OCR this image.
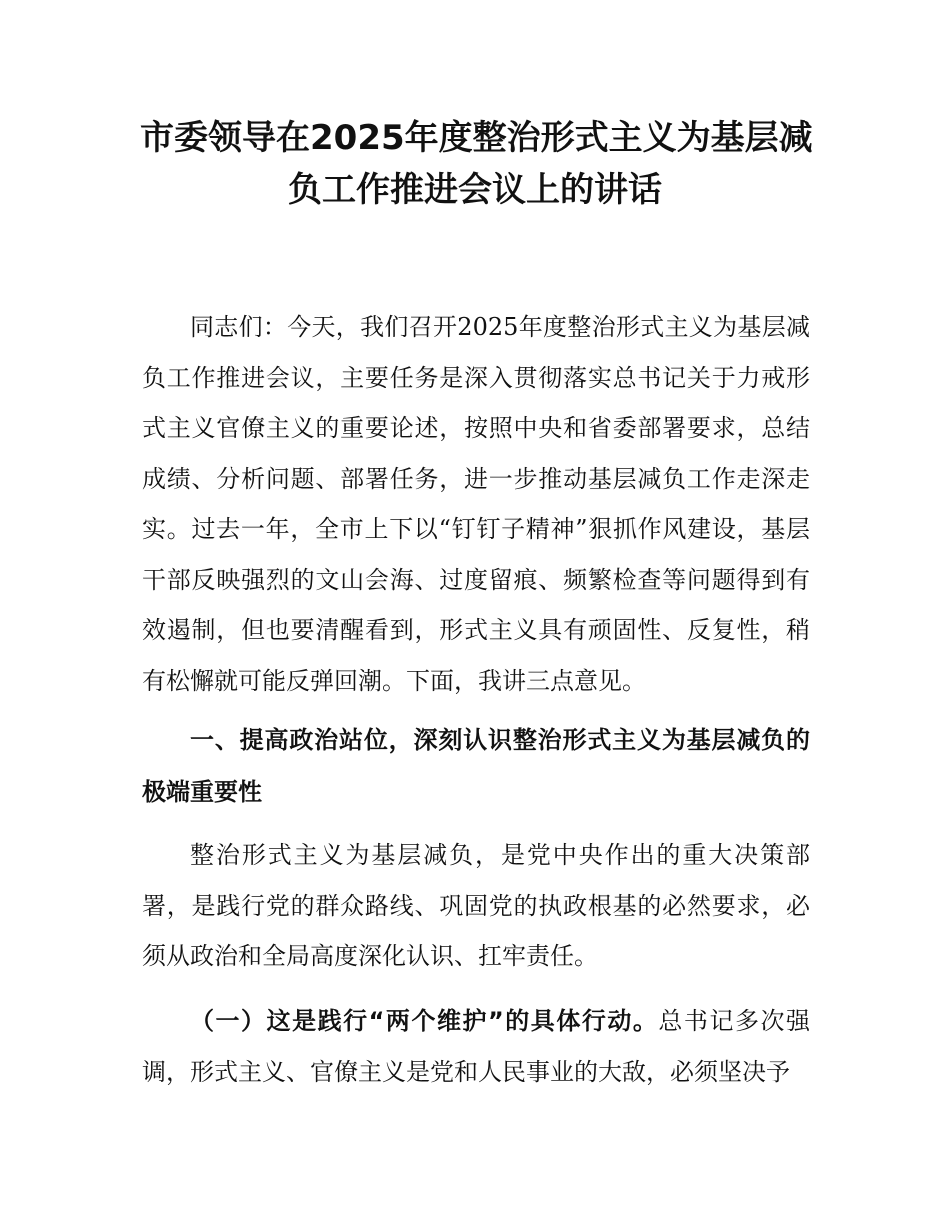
市委领导在2025年度整治形式主义为基层减
负工作推进会议上的讲话

同志们：今天，我们召开2025年度整治形式主义为基层减负工作推进会议，主要任务是深入贯彻落实总书记关于力戒形式主义官僚主义的重要论述，按照中央和省委部署要求，总结成绩、分析问题、部署任务，进一步推动基层减负工作走深走实。过去一年，全市上下以“钉钉子精神”狠抓作风建设，基层干部反映强烈的文山会海、过度留痕、频繁检查等问题得到有效遏制，但也要清醒看到，形式主义具有顽固性、反复性，稍有松懈就可能反弹回潮。下面，我讲三点意见。

一、提高政治站位，深刻认识整治形式主义为基层减负的极端重要性

整治形式主义为基层减负，是党中央作出的重大决策部署，是践行党的群众路线、巩固党的执政根基的必然要求，必须从政治和全局高度深化认识、扛牢责任。

（一）这是践行“两个维护”的具体行动。总书记多次强调，形式主义、官僚主义是党和人民事业的大敌，必须坚决予
